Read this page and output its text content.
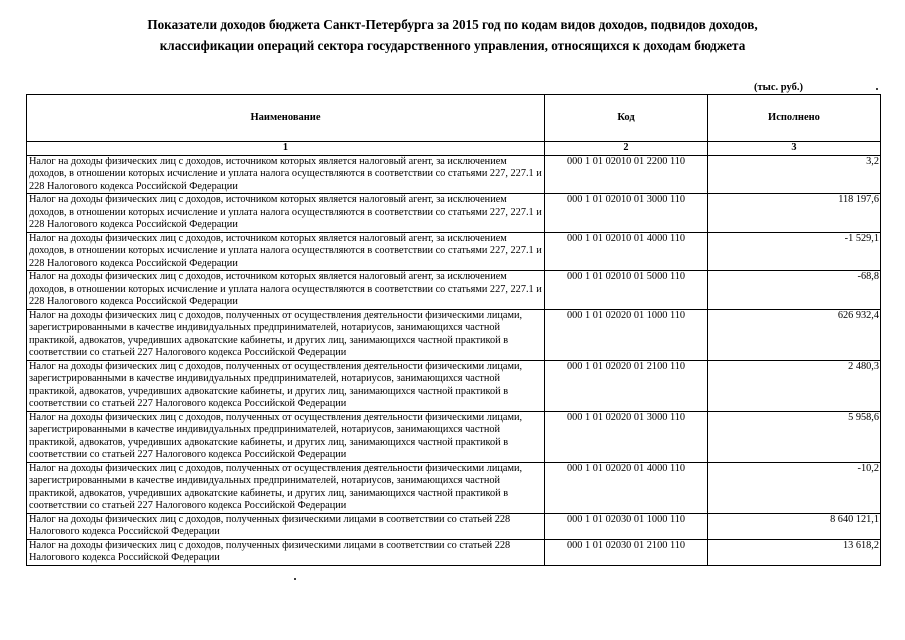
Показатели доходов бюджета Санкт-Петербурга за 2015 год по кодам видов доходов, подвидов доходов,
классификации операций сектора государственного управления, относящихся к доходам бюджета
(тыс. руб.)
Наименование	Код	Исполнено
1	2	3
Налог на доходы физических лиц с доходов, источником которых является налоговый агент, за исключением доходов, в отношении которых исчисление и уплата налога осуществляются в соответствии со статьями 227, 227.1 и 228 Налогового кодекса Российской Федерации	000 1 01 02010 01 2200 110	3,2
Налог на доходы физических лиц с доходов, источником которых является налоговый агент, за исключением доходов, в отношении которых исчисление и уплата налога осуществляются в соответствии со статьями 227, 227.1 и 228 Налогового кодекса Российской Федерации	000 1 01 02010 01 3000 110	118 197,6
Налог на доходы физических лиц с доходов, источником которых является налоговый агент, за исключением доходов, в отношении которых исчисление и уплата налога осуществляются в соответствии со статьями 227, 227.1 и 228 Налогового кодекса Российской Федерации	000 1 01 02010 01 4000 110	-1 529,1
Налог на доходы физических лиц с доходов, источником которых является налоговый агент, за исключением доходов, в отношении которых исчисление и уплата налога осуществляются в соответствии со статьями 227, 227.1 и 228 Налогового кодекса Российской Федерации	000 1 01 02010 01 5000 110	-68,8
Налог на доходы физических лиц с доходов, полученных от осуществления деятельности физическими лицами, зарегистрированными в качестве индивидуальных предпринимателей, нотариусов, занимающихся частной практикой, адвокатов, учредивших адвокатские кабинеты, и других лиц, занимающихся частной практикой в соответствии со статьей 227 Налогового кодекса Российской Федерации	000 1 01 02020 01 1000 110	626 932,4
Налог на доходы физических лиц с доходов, полученных от осуществления деятельности физическими лицами, зарегистрированными в качестве индивидуальных предпринимателей, нотариусов, занимающихся частной практикой, адвокатов, учредивших адвокатские кабинеты, и других лиц, занимающихся частной практикой в соответствии со статьей 227 Налогового кодекса Российской Федерации	000 1 01 02020 01 2100 110	2 480,3
Налог на доходы физических лиц с доходов, полученных от осуществления деятельности физическими лицами, зарегистрированными в качестве индивидуальных предпринимателей, нотариусов, занимающихся частной практикой, адвокатов, учредивших адвокатские кабинеты, и других лиц, занимающихся частной практикой в соответствии со статьей 227 Налогового кодекса Российской Федерации	000 1 01 02020 01 3000 110	5 958,6
Налог на доходы физических лиц с доходов, полученных от осуществления деятельности физическими лицами, зарегистрированными в качестве индивидуальных предпринимателей, нотариусов, занимающихся частной практикой, адвокатов, учредивших адвокатские кабинеты, и других лиц, занимающихся частной практикой в соответствии со статьей 227 Налогового кодекса Российской Федерации	000 1 01 02020 01 4000 110	-10,2
Налог на доходы физических лиц с доходов, полученных физическими лицами в соответствии со статьей 228 Налогового кодекса Российской Федерации	000 1 01 02030 01 1000 110	8 640 121,1
Налог на доходы физических лиц с доходов, полученных физическими лицами в соответствии со статьей 228 Налогового кодекса Российской Федерации	000 1 01 02030 01 2100 110	13 618,2
